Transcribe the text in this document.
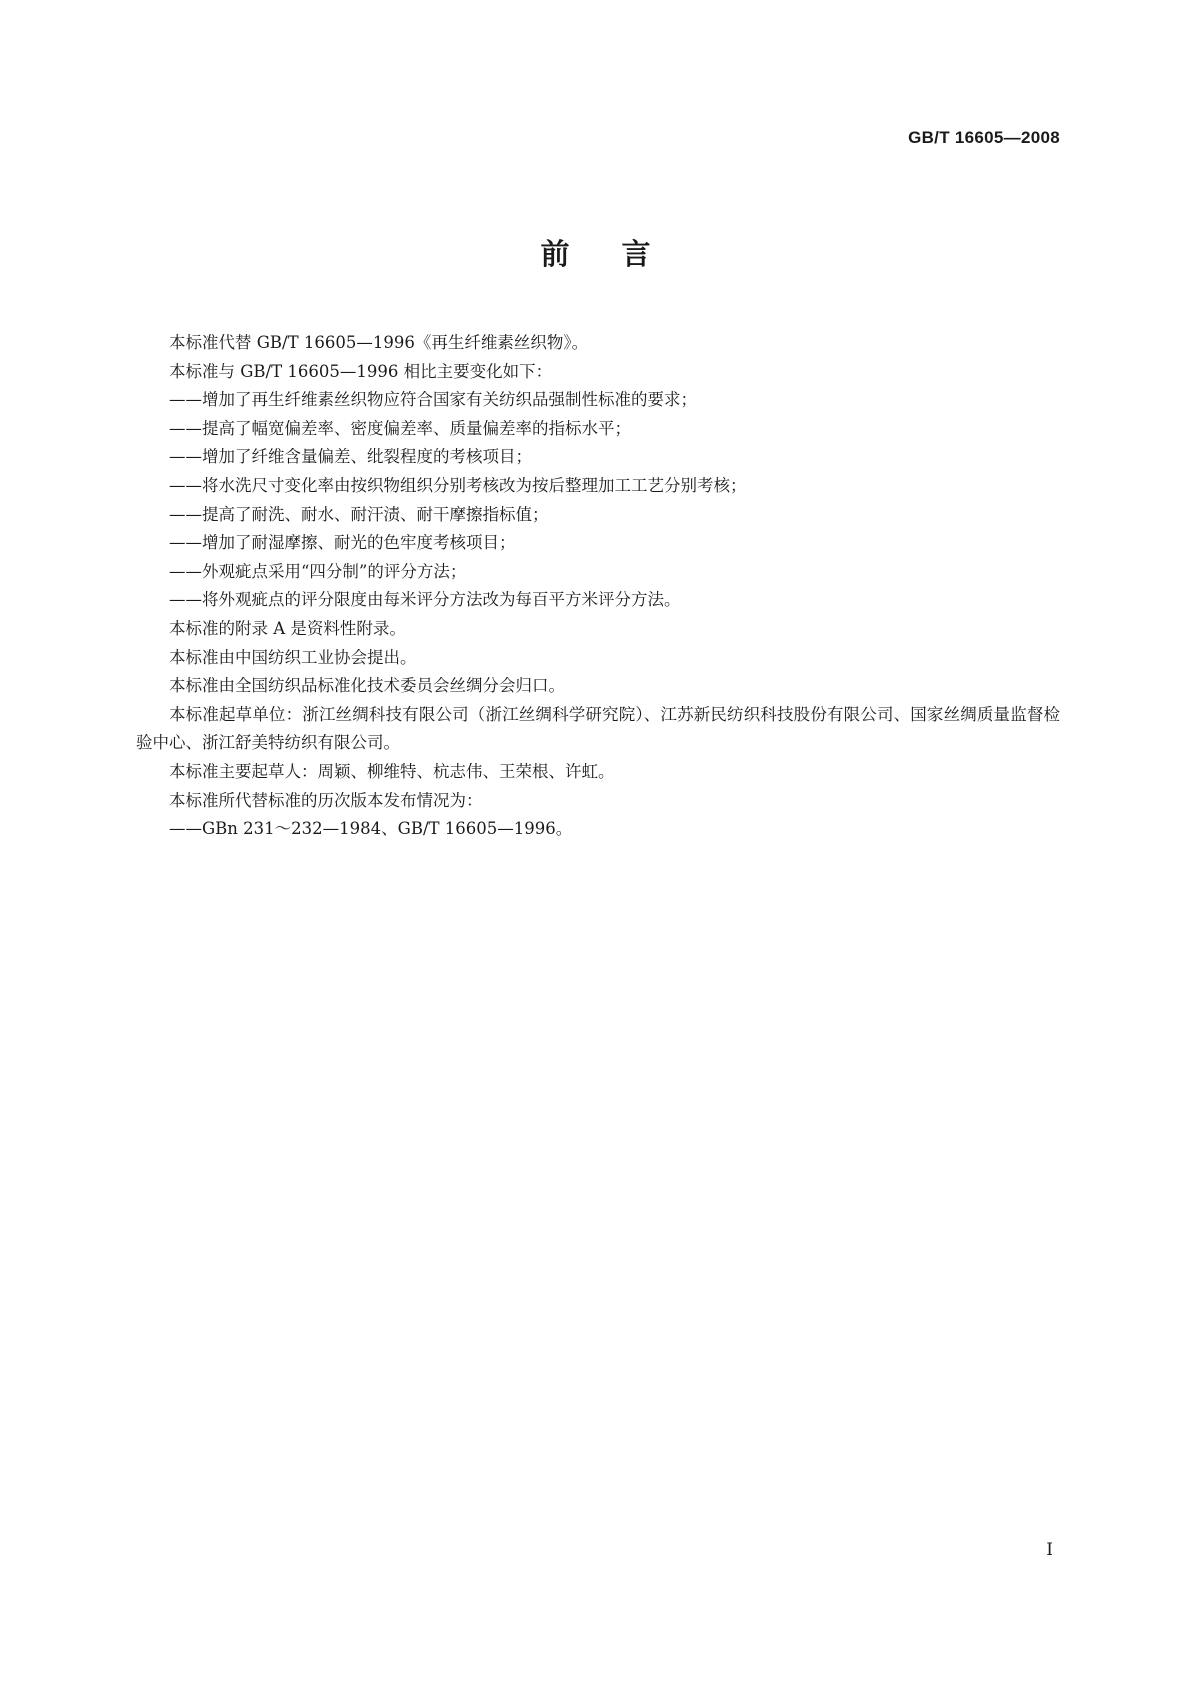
GB/T 16605—2008
前言

本标准代替 GB/T 16605—1996《再生纤维素丝织物》。

本标准与 GB/T 16605—1996 相比主要变化如下：

——增加了再生纤维素丝织物应符合国家有关纺织品强制性标准的要求；

——提高了幅宽偏差率、密度偏差率、质量偏差率的指标水平；

——增加了纤维含量偏差、纰裂程度的考核项目；

——将水洗尺寸变化率由按织物组织分别考核改为按后整理加工工艺分别考核；

——提高了耐洗、耐水、耐汗渍、耐干摩擦指标值；

——增加了耐湿摩擦、耐光的色牢度考核项目；

——外观疵点采用“四分制”的评分方法；

——将外观疵点的评分限度由每米评分方法改为每百平方米评分方法。

本标准的附录 A 是资料性附录。

本标准由中国纺织工业协会提出。

本标准由全国纺织品标准化技术委员会丝绸分会归口。

本标准起草单位：浙江丝绸科技有限公司（浙江丝绸科学研究院）、江苏新民纺织科技股份有限公司、国家丝绸质量监督检验中心、浙江舒美特纺织有限公司。

本标准主要起草人：周颖、柳维特、杭志伟、王荣根、许虹。

本标准所代替标准的历次版本发布情况为：

——GBn 231～232—1984、GB/T 16605—1996。

I
